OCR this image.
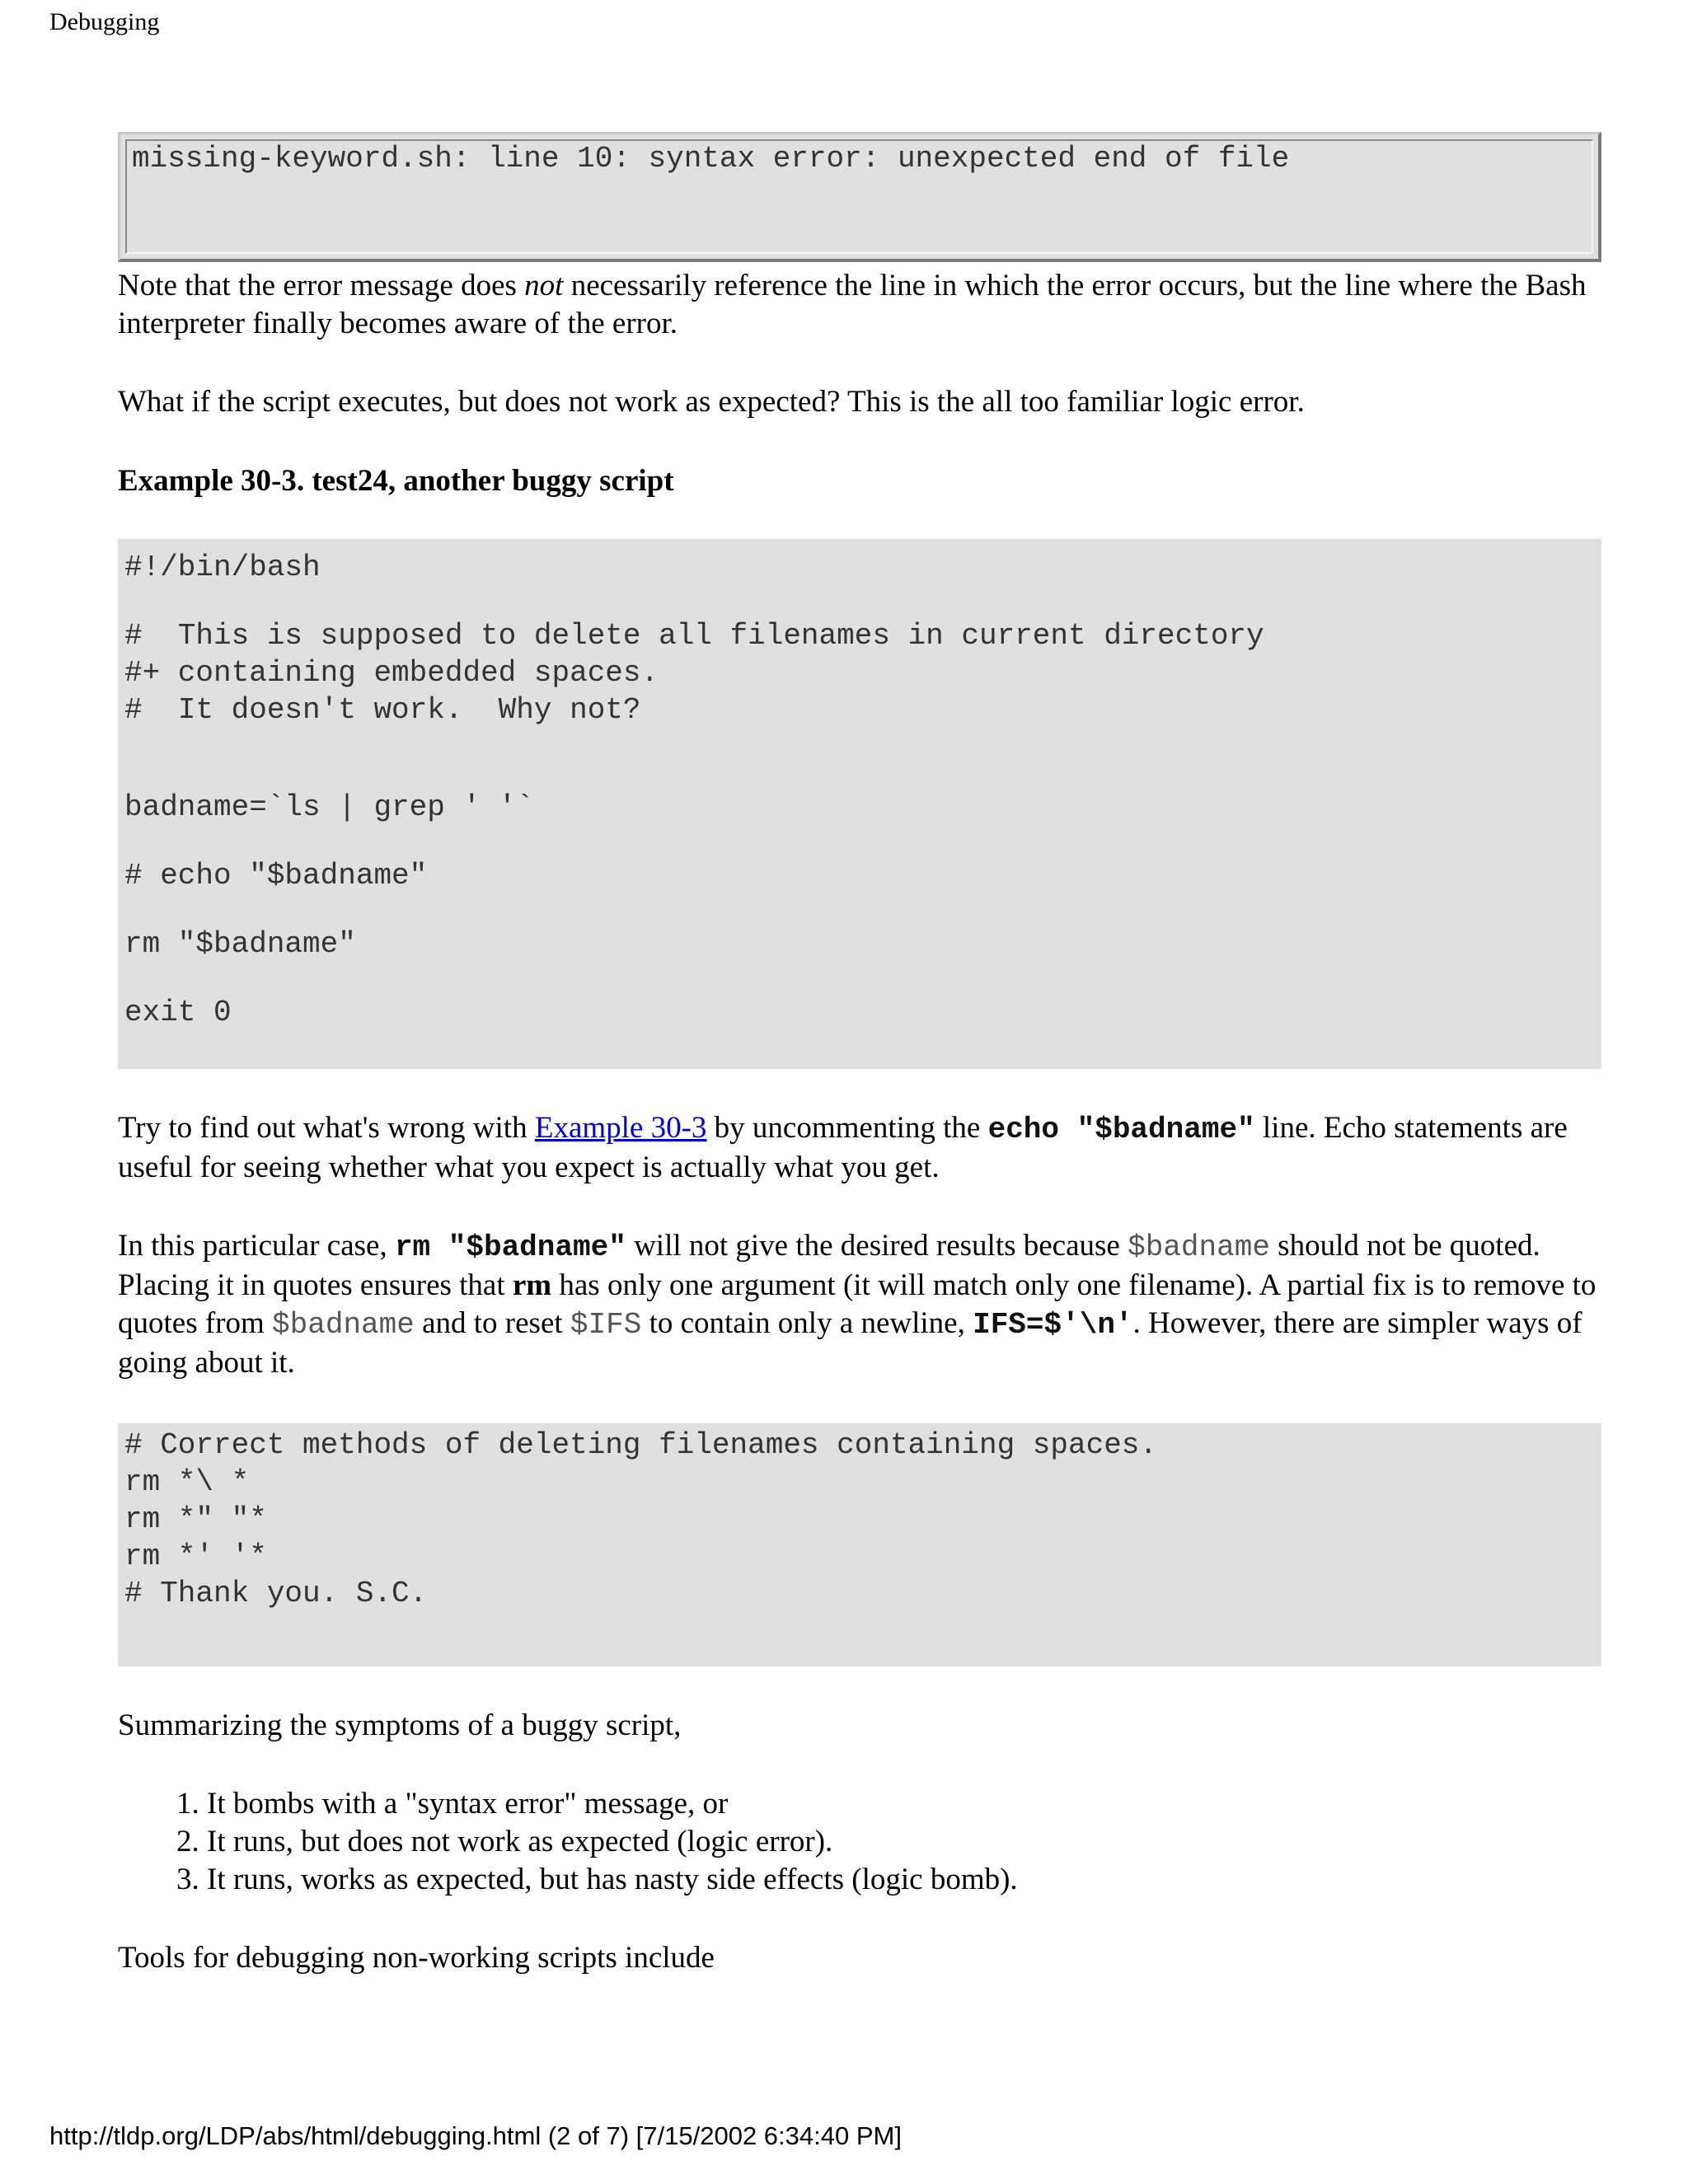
Debugging
missing-keyword.sh: line 10: syntax error: unexpected end of file

Note that the error message does not necessarily reference the line in which the error occurs, but the line where the Bash interpreter finally becomes aware of the error.

What if the script executes, but does not work as expected? This is the all too familiar logic error.

Example 30-3. test24, another buggy script

#!/bin/bash
#  This is supposed to delete all filenames in current directory
#+ containing embedded spaces.
#  It doesn't work.  Why not?
badname=`ls | grep ' '`
# echo "$badname"
rm "$badname"
exit 0

Try to find out what's wrong with Example 30-3 by uncommenting the echo "$badname" line. Echo statements are useful for seeing whether what you expect is actually what you get.

In this particular case, rm "$badname" will not give the desired results because $badname should not be quoted. Placing it in quotes ensures that rm has only one argument (it will match only one filename). A partial fix is to remove to quotes from $badname and to reset $IFS to contain only a newline, IFS=$'\n'. However, there are simpler ways of going about it.

# Correct methods of deleting filenames containing spaces.
rm *\ *
rm *" "*
rm *' '*
# Thank you. S.C.

Summarizing the symptoms of a buggy script,

1. It bombs with a "syntax error" message, or
2. It runs, but does not work as expected (logic error).
3. It runs, works as expected, but has nasty side effects (logic bomb).

Tools for debugging non-working scripts include

http://tldp.org/LDP/abs/html/debugging.html (2 of 7) [7/15/2002 6:34:40 PM]
